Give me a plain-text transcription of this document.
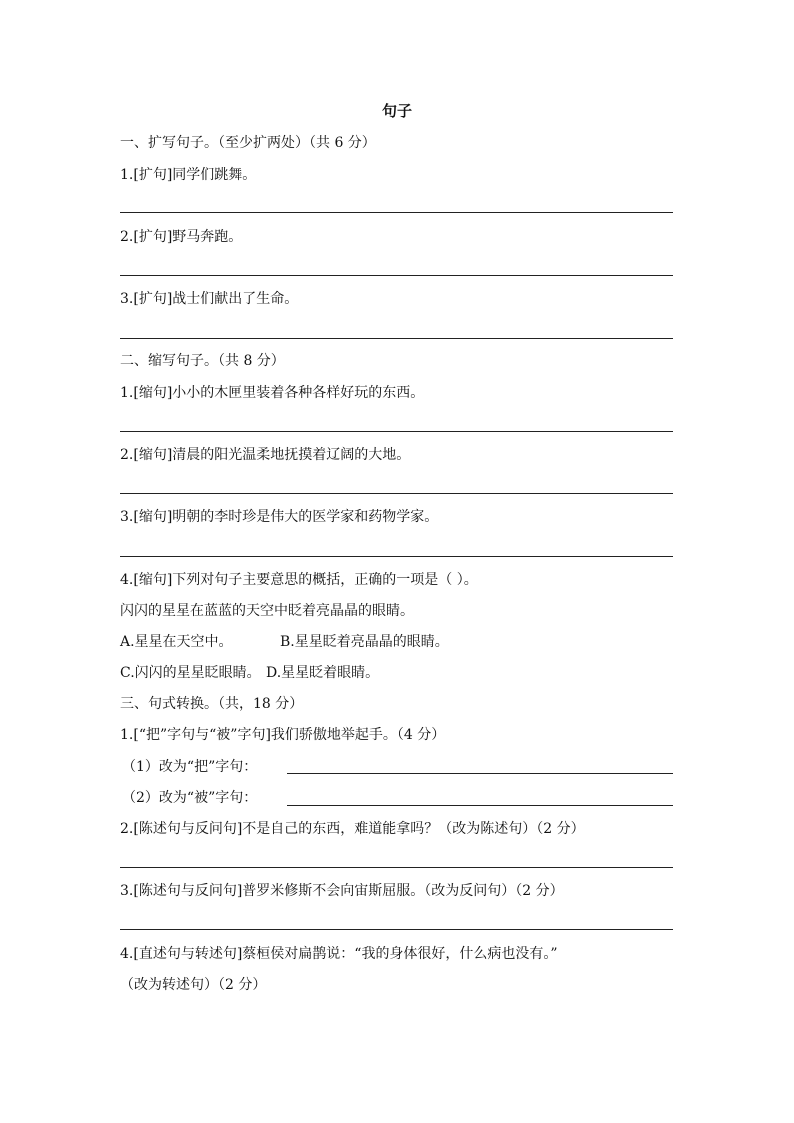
句子
一、扩写句子。（至少扩两处）（共 6 分）
1.[扩句]同学们跳舞。
2.[扩句]野马奔跑。
3.[扩句]战士们献出了生命。
二、缩写句子。（共 8 分）
1.[缩句]小小的木匣里装着各种各样好玩的东西。
2.[缩句]清晨的阳光温柔地抚摸着辽阔的大地。
3.[缩句]明朝的李时珍是伟大的医学家和药物学家。
4.[缩句]下列对句子主要意思的概括，正确的一项是（ ）。
闪闪的星星在蓝蓝的天空中眨着亮晶晶的眼睛。
A.星星在天空中。	B.星星眨着亮晶晶的眼睛。
C.闪闪的星星眨眼睛。 D.星星眨着眼睛。
三、句式转换。（共，18 分）
1.[“把”字句与“被”字句]我们骄傲地举起手。（4 分）
（1）改为“把”字句：
（2）改为“被”字句：
2.[陈述句与反问句]不是自己的东西，难道能拿吗？（改为陈述句）（2 分）
3.[陈述句与反问句]普罗米修斯不会向宙斯屈服。（改为反问句）（2 分）
4.[直述句与转述句]蔡桓侯对扁鹊说：“我的身体很好，什么病也没有。”
（改为转述句）（2 分）
